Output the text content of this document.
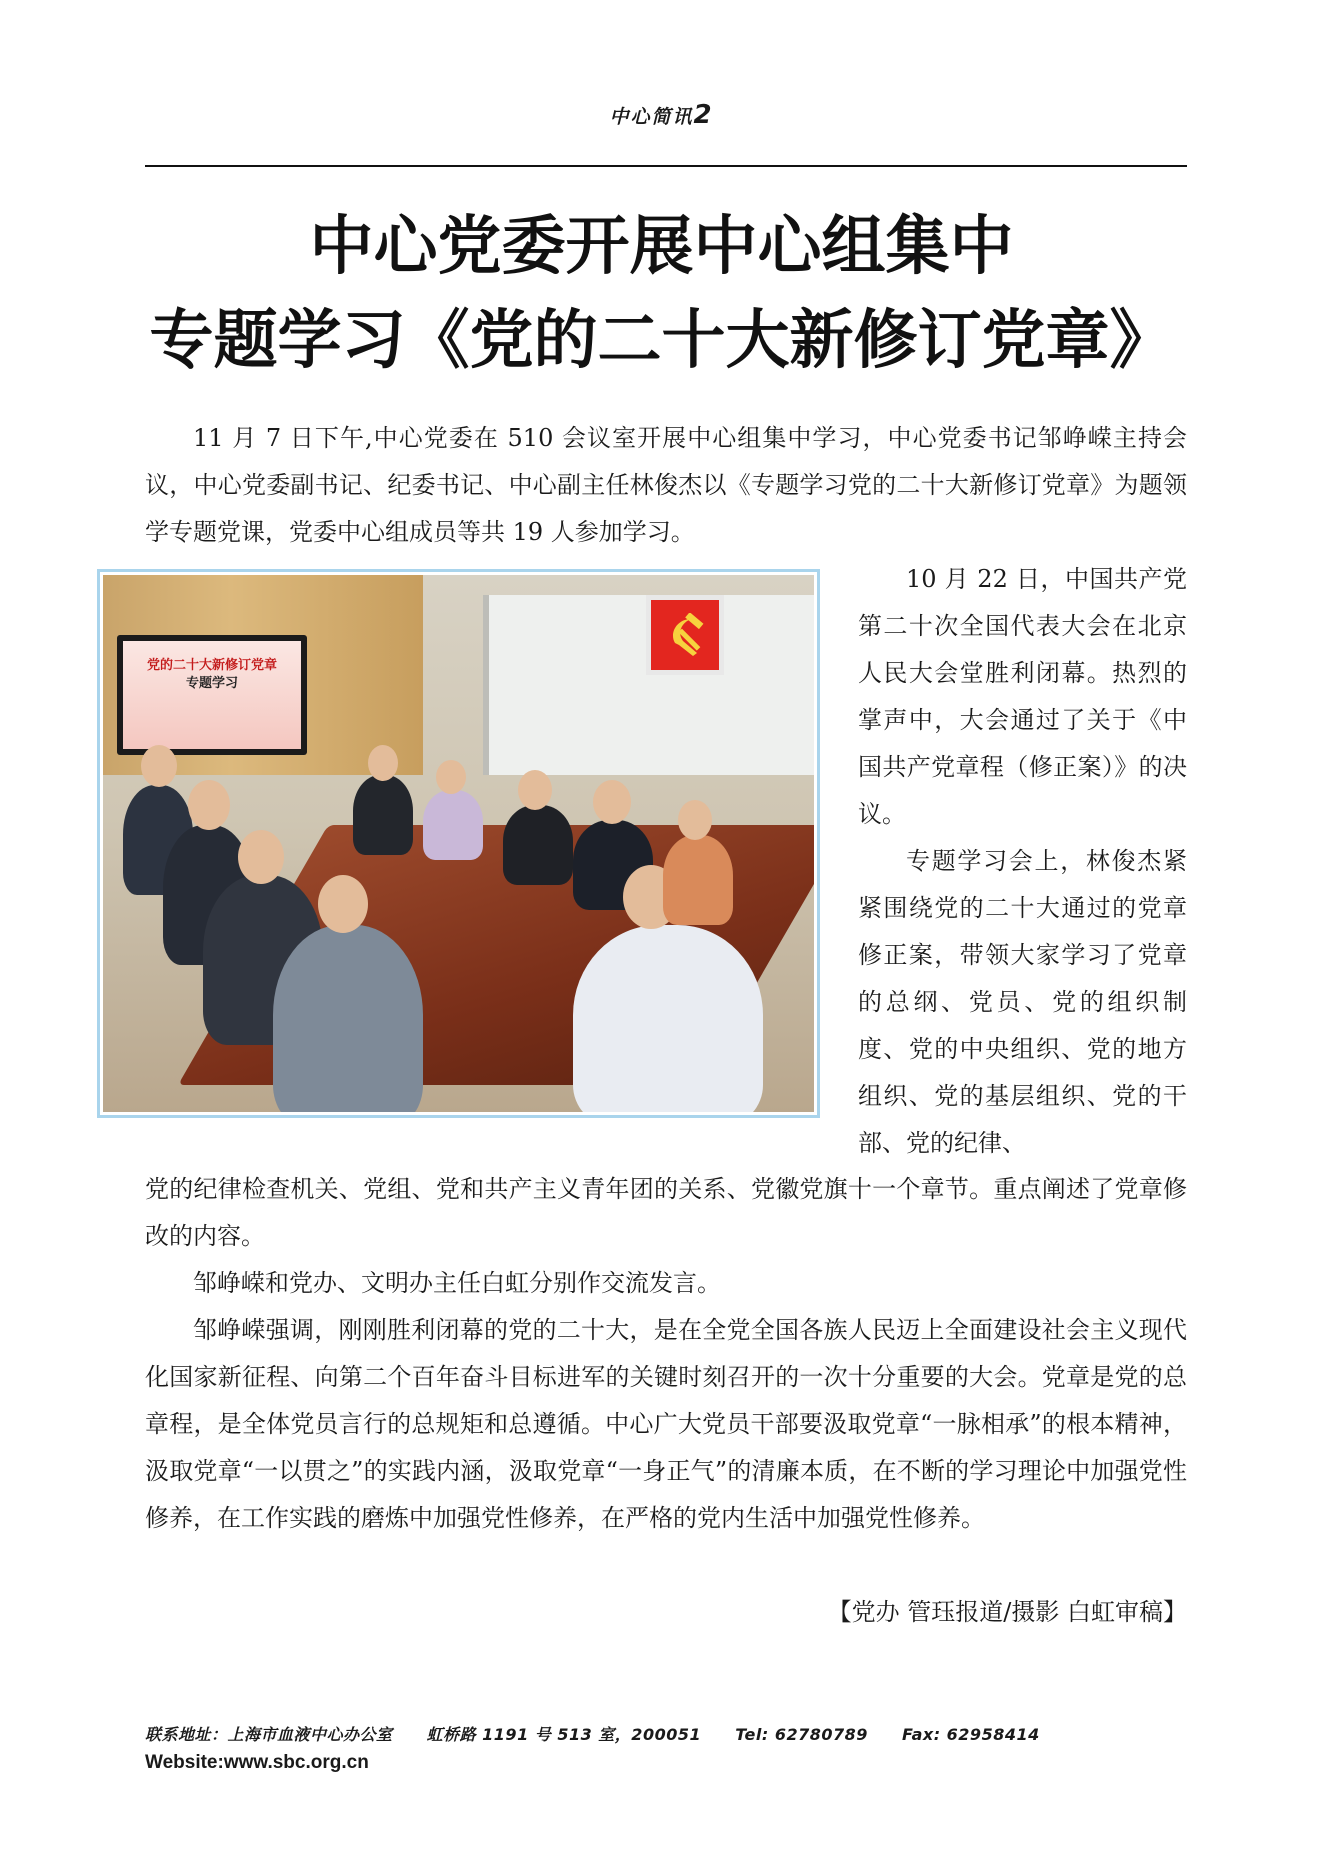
中心简讯2
中心党委开展中心组集中
专题学习《党的二十大新修订党章》

11 月 7 日下午,中心党委在 510 会议室开展中心组集中学习，中心党委书记邹峥嵘主持会议，中心党委副书记、纪委书记、中心副主任林俊杰以《专题学习党的二十大新修订党章》为题领学专题党课，党委中心组成员等共 19 人参加学习。

党的二十大新修订党章
专题学习

10 月 22 日，中国共产党第二十次全国代表大会在北京人民大会堂胜利闭幕。热烈的掌声中，大会通过了关于《中国共产党章程（修正案）》的决议。

专题学习会上，林俊杰紧紧围绕党的二十大通过的党章修正案，带领大家学习了党章的总纲、党员、党的组织制度、党的中央组织、党的地方组织、党的基层组织、党的干部、党的纪律、

党的纪律检查机关、党组、党和共产主义青年团的关系、党徽党旗十一个章节。重点阐述了党章修改的内容。

邹峥嵘和党办、文明办主任白虹分别作交流发言。

邹峥嵘强调，刚刚胜利闭幕的党的二十大，是在全党全国各族人民迈上全面建设社会主义现代化国家新征程、向第二个百年奋斗目标进军的关键时刻召开的一次十分重要的大会。党章是党的总章程，是全体党员言行的总规矩和总遵循。中心广大党员干部要汲取党章“一脉相承”的根本精神，汲取党章“一以贯之”的实践内涵，汲取党章“一身正气”的清廉本质，在不断的学习理论中加强党性修养，在工作实践的磨炼中加强党性修养，在严格的党内生活中加强党性修养。

【党办 管珏报道/摄影 白虹审稿】

联系地址：上海市血液中心办公室 虹桥路 1191 号 513 室，200051 Tel: 62780789 Fax: 62958414
Website:www.sbc.org.cn
